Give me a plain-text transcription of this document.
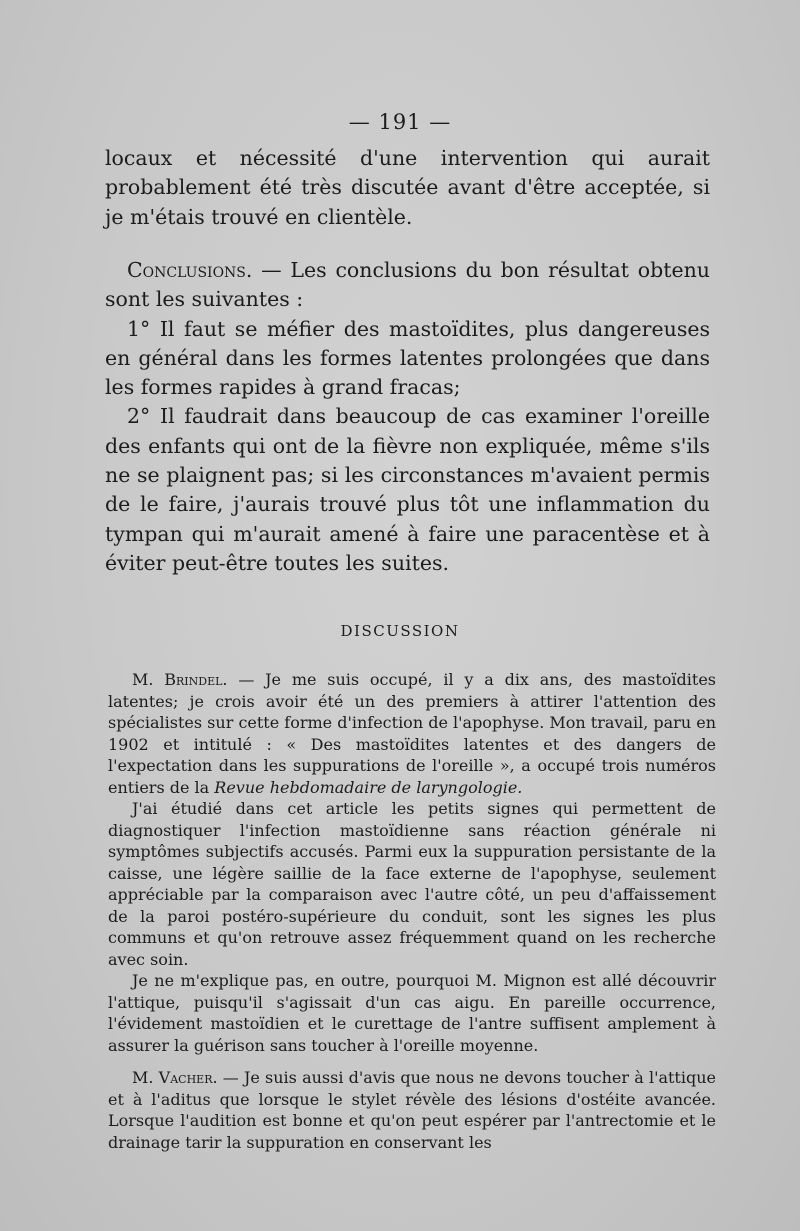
— 191 —

locaux et nécessité d'une intervention qui aurait probablement été très discutée avant d'être acceptée, si je m'étais trouvé en clientèle.

Conclusions. — Les conclusions du bon résultat obtenu sont les suivantes :

1° Il faut se méfier des mastoïdites, plus dangereuses en général dans les formes latentes prolongées que dans les formes rapides à grand fracas;

2° Il faudrait dans beaucoup de cas examiner l'oreille des enfants qui ont de la fièvre non expliquée, même s'ils ne se plaignent pas; si les circonstances m'avaient permis de le faire, j'aurais trouvé plus tôt une inflammation du tympan qui m'aurait amené à faire une paracentèse et à éviter peut-être toutes les suites.

DISCUSSION

M. Brindel. — Je me suis occupé, il y a dix ans, des mastoïdites latentes; je crois avoir été un des premiers à attirer l'attention des spécialistes sur cette forme d'infection de l'apophyse. Mon travail, paru en 1902 et intitulé : « Des mastoïdites latentes et des dangers de l'expectation dans les suppurations de l'oreille », a occupé trois numéros entiers de la Revue hebdomadaire de laryngologie.

J'ai étudié dans cet article les petits signes qui permettent de diagnostiquer l'infection mastoïdienne sans réaction générale ni symptômes subjectifs accusés. Parmi eux la suppuration persistante de la caisse, une légère saillie de la face externe de l'apophyse, seulement appréciable par la comparaison avec l'autre côté, un peu d'affaissement de la paroi postéro-supérieure du conduit, sont les signes les plus communs et qu'on retrouve assez fréquemment quand on les recherche avec soin.

Je ne m'explique pas, en outre, pourquoi M. Mignon est allé découvrir l'attique, puisqu'il s'agissait d'un cas aigu. En pareille occurrence, l'évidement mastoïdien et le curettage de l'antre suffisent amplement à assurer la guérison sans toucher à l'oreille moyenne.

M. Vacher. — Je suis aussi d'avis que nous ne devons toucher à l'attique et à l'aditus que lorsque le stylet révèle des lésions d'ostéite avancée. Lorsque l'audition est bonne et qu'on peut espérer par l'antrectomie et le drainage tarir la suppuration en conservant les
